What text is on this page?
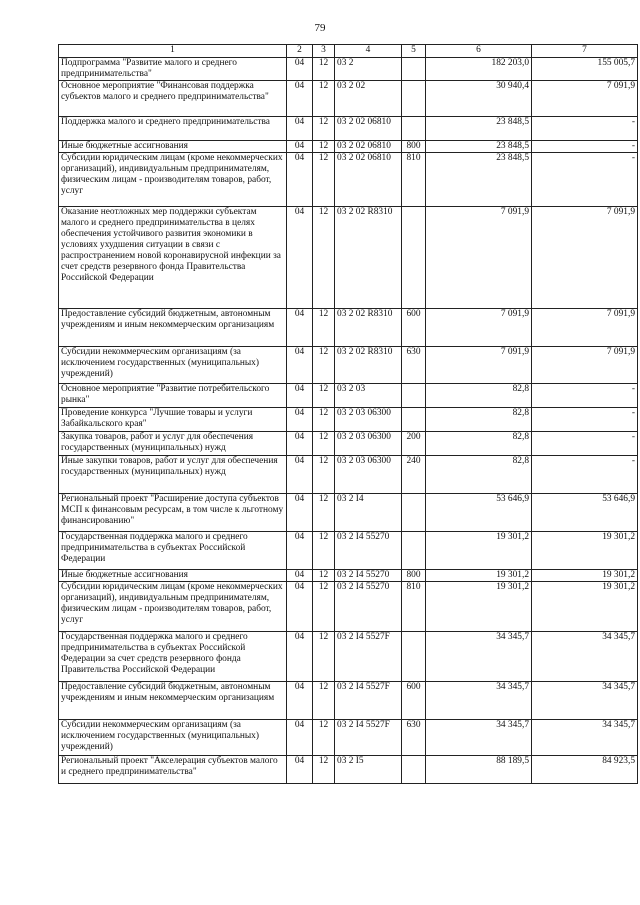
79
1	2	3	4	5	6	7
Подпрограмма "Развитие малого и среднего предпринимательства"	04	12	03 2		182 203,0	155 005,7
Основное мероприятие "Финансовая поддержка субъектов малого и среднего предпринимательства"	04	12	03 2 02		30 940,4	7 091,9
Поддержка малого и среднего предпринимательства	04	12	03 2 02 06810		23 848,5	-
Иные бюджетные ассигнования	04	12	03 2 02 06810	800	23 848,5	-
Субсидии юридическим лицам (кроме некоммерческих организаций), индивидуальным предпринимателям, физическим лицам - производителям товаров, работ, услуг	04	12	03 2 02 06810	810	23 848,5	-
Оказание неотложных мер поддержки субъектам малого и среднего предпринимательства в целях обеспечения устойчивого развития экономики в условиях ухудшения ситуации в связи с распространением новой коронавирусной инфекции за счет средств резервного фонда Правительства Российской Федерации	04	12	03 2 02 R8310		7 091,9	7 091,9
Предоставление субсидий бюджетным, автономным учреждениям и иным некоммерческим организациям	04	12	03 2 02 R8310	600	7 091,9	7 091,9
Субсидии некоммерческим организациям (за исключением государственных (муниципальных) учреждений)	04	12	03 2 02 R8310	630	7 091,9	7 091,9
Основное мероприятие "Развитие потребительского рынка"	04	12	03 2 03		82,8	-
Проведение конкурса "Лучшие товары и услуги Забайкальского края"	04	12	03 2 03 06300		82,8	-
Закупка товаров, работ и услуг для обеспечения государственных (муниципальных) нужд	04	12	03 2 03 06300	200	82,8	-
Иные закупки товаров, работ и услуг для обеспечения государственных (муниципальных) нужд	04	12	03 2 03 06300	240	82,8	-
Региональный проект "Расширение доступа субъектов МСП к финансовым ресурсам, в том числе к льготному финансированию"	04	12	03 2 I4		53 646,9	53 646,9
Государственная поддержка малого и среднего предпринимательства в субъектах Российской Федерации	04	12	03 2 I4 55270		19 301,2	19 301,2
Иные бюджетные ассигнования	04	12	03 2 I4 55270	800	19 301,2	19 301,2
Субсидии юридическим лицам (кроме некоммерческих организаций), индивидуальным предпринимателям, физическим лицам - производителям товаров, работ, услуг	04	12	03 2 I4 55270	810	19 301,2	19 301,2
Государственная поддержка малого и среднего предпринимательства в субъектах Российской Федерации за счет средств резервного фонда Правительства Российской Федерации	04	12	03 2 I4 5527F		34 345,7	34 345,7
Предоставление субсидий бюджетным, автономным учреждениям и иным некоммерческим организациям	04	12	03 2 I4 5527F	600	34 345,7	34 345,7
Субсидии некоммерческим организациям (за исключением государственных (муниципальных) учреждений)	04	12	03 2 I4 5527F	630	34 345,7	34 345,7
Региональный проект "Акселерация субъектов малого и среднего предпринимательства"	04	12	03 2 I5		88 189,5	84 923,5
